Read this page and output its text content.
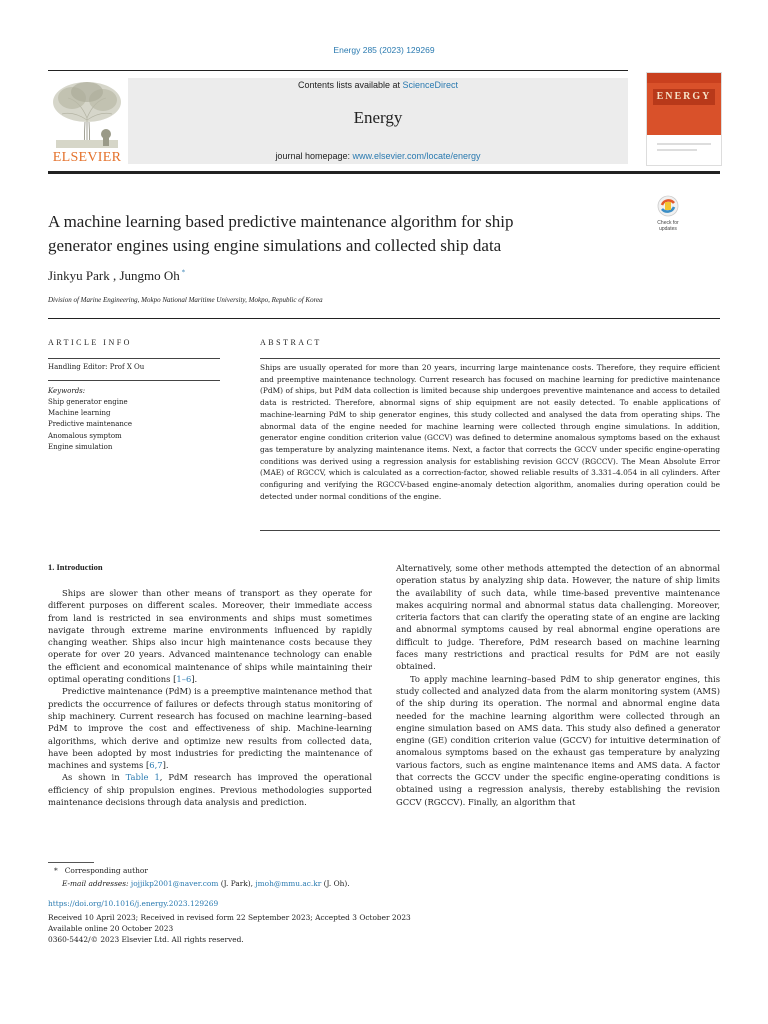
Energy 285 (2023) 129269
Contents lists available at ScienceDirect
Energy
journal homepage: www.elsevier.com/locate/energy
ELSEVIER
ENERGY
A machine learning based predictive maintenance algorithm for ship
generator engines using engine simulations and collected ship data
Check for
updates
Jinkyu Park , Jungmo Oh *
Division of Marine Engineering, Mokpo National Maritime University, Mokpo, Republic of Korea
ARTICLE INFO
Handling Editor: Prof X Ou
Keywords:
Ship generator engine
Machine learning
Predictive maintenance
Anomalous symptom
Engine simulation
ABSTRACT
Ships are usually operated for more than 20 years, incurring large maintenance costs. Therefore, they require efficient and preemptive maintenance technology. Current research has focused on machine learning for predictive maintenance (PdM) of ships, but PdM data collection is limited because ship undergoes preventive maintenance and access to detailed data is restricted. Therefore, abnormal signs of ship equipment are not easily detected. To enable applications of machine-learning PdM to ship generator engines, this study collected and analysed the data from operating ships. The abnormal data of the engine needed for machine learning were collected through engine simulations. In addition, generator engine condition criterion value (GCCV) was defined to determine anomalous symptoms based on the exhaust gas temperature by analyzing maintenance items. Next, a factor that corrects the GCCV under specific engine-operating conditions was derived using a regression analysis for establishing revision GCCV (RGCCV). The Mean Absolute Error (MAE) of RGCCV, which is calculated as a correction-factor, showed reliable results of 3.331–4.054 in all cylinders. After configuring and verifying the RGCCV-based engine-anomaly detection algorithm, anomalies during operation could be detected under normal conditions of the engine.
1. Introduction

Ships are slower than other means of transport as they operate for different purposes on different scales. Moreover, their immediate access from land is restricted in sea environments and ships must sometimes navigate through extreme marine environments influenced by rapidly changing weather. Ships also incur high maintenance costs because they operate for over 20 years. Advanced maintenance technology can enable the efficient and economical maintenance of ships while maintaining their optimal operating conditions [1–6].

Predictive maintenance (PdM) is a preemptive maintenance method that predicts the occurrence of failures or defects through status monitoring of ship machinery. Current research has focused on machine learning–based PdM to improve the cost and effectiveness of ship. Machine-learning algorithms, which derive and optimize new results from collected data, have been adopted by most industries for predicting the maintenance of machines and systems [6,7].

As shown in Table 1, PdM research has improved the operational efficiency of ship propulsion engines. Previous methodologies supported maintenance decisions through data analysis and prediction.

Alternatively, some other methods attempted the detection of an abnormal operation status by analyzing ship data. However, the nature of ship limits the availability of such data, while time-based preventive maintenance makes acquiring normal and abnormal status data challenging. Moreover, criteria factors that can clarify the operating state of an engine are lacking and abnormal symptoms caused by real abnormal engine operations are difficult to judge. Therefore, PdM research based on machine learning faces many restrictions and practical results for PdM are not easily obtained.

To apply machine learning–based PdM to ship generator engines, this study collected and analyzed data from the alarm monitoring system (AMS) of the ship during its operation. The normal and abnormal engine data needed for the machine learning algorithm were collected through an engine simulation based on AMS data. This study also defined a generator engine (GE) condition criterion value (GCCV) for intuitive determination of anomalous symptoms based on the exhaust gas temperature by analyzing various factors, such as engine maintenance items and AMS data. A factor that corrects the GCCV under the specific engine-operating conditions is obtained using a regression analysis, thereby establishing the revision GCCV (RGCCV). Finally, an algorithm that

* Corresponding author
E-mail addresses: jojjikp2001@naver.com (J. Park), jmoh@mmu.ac.kr (J. Oh).
https://doi.org/10.1016/j.energy.2023.129269
Received 10 April 2023; Received in revised form 22 September 2023; Accepted 3 October 2023
Available online 20 October 2023
0360-5442/© 2023 Elsevier Ltd. All rights reserved.
